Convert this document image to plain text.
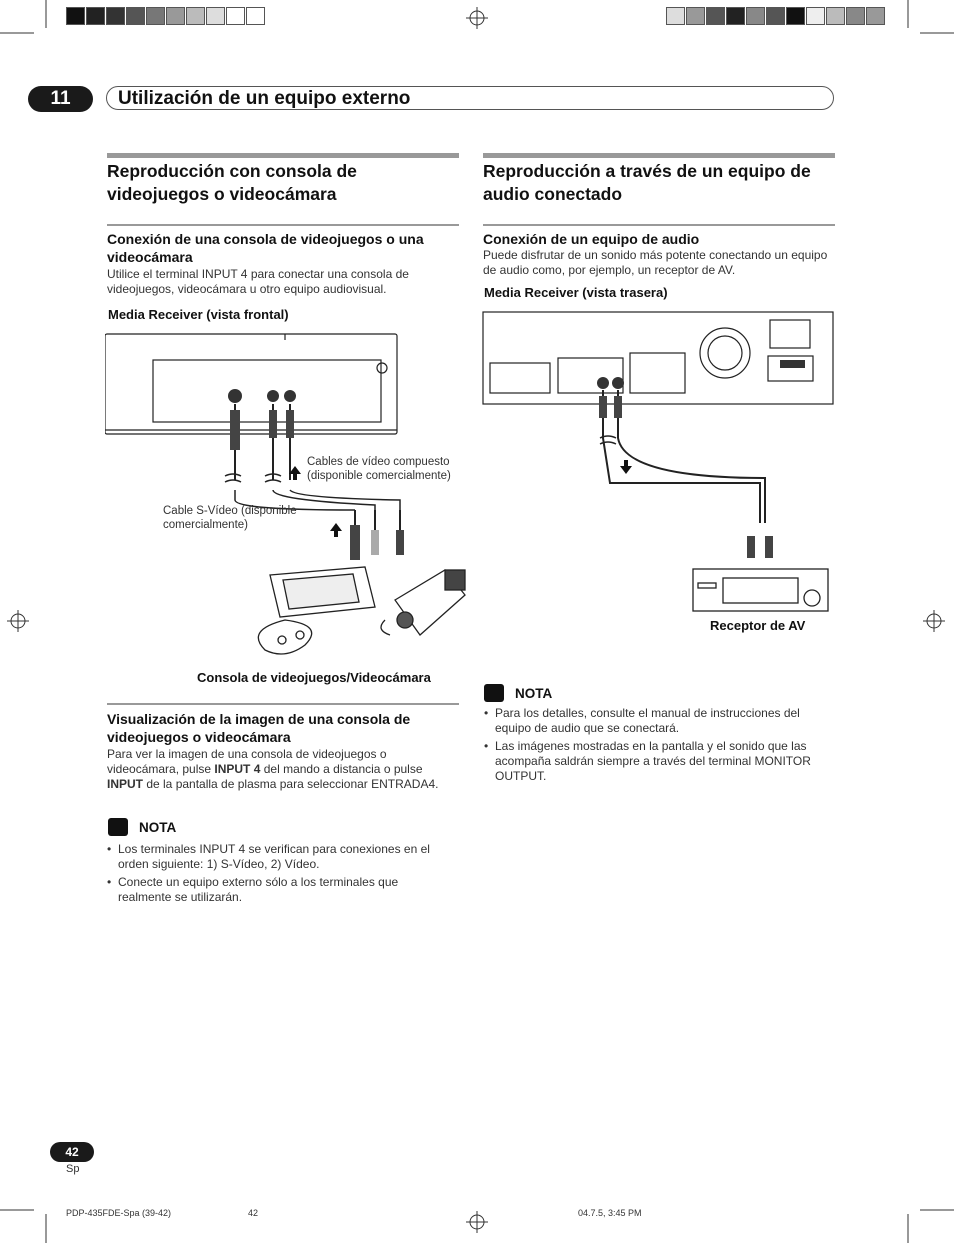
11	Utilización de un equipo externo
Reproducción con consola de videojuegos o videocámara
Conexión de una consola de videojuegos o una videocámara
Utilice el terminal INPUT 4 para conectar una consola de videojuegos, videocámara u otro equipo audiovisual.
Media Receiver (vista frontal)
Cables de vídeo compuesto (disponible comercialmente)
Cable S-Vídeo (disponible comercialmente)
Consola de videojuegos/Videocámara
Visualización de la imagen de una consola de videojuegos o videocámara
Para ver la imagen de una consola de videojuegos o videocámara, pulse INPUT 4 del mando a distancia o pulse INPUT de la pantalla de plasma para seleccionar ENTRADA4.
NOTA
• Los terminales INPUT 4 se verifican para conexiones en el orden siguiente: 1) S-Vídeo, 2) Vídeo.
• Conecte un equipo externo sólo a los terminales que realmente se utilizarán.
Reproducción a través de un equipo de audio conectado
Conexión de un equipo de audio
Puede disfrutar de un sonido más potente conectando un equipo de audio como, por ejemplo, un receptor de AV.
Media Receiver (vista trasera)
Receptor de AV
NOTA
• Para los detalles, consulte el manual de instrucciones del equipo de audio que se conectará.
• Las imágenes mostradas en la pantalla y el sonido que las acompaña saldrán siempre a través del terminal MONITOR OUTPUT.
42
Sp
PDP-435FDE-Spa (39-42)	42	04.7.5, 3:45 PM
